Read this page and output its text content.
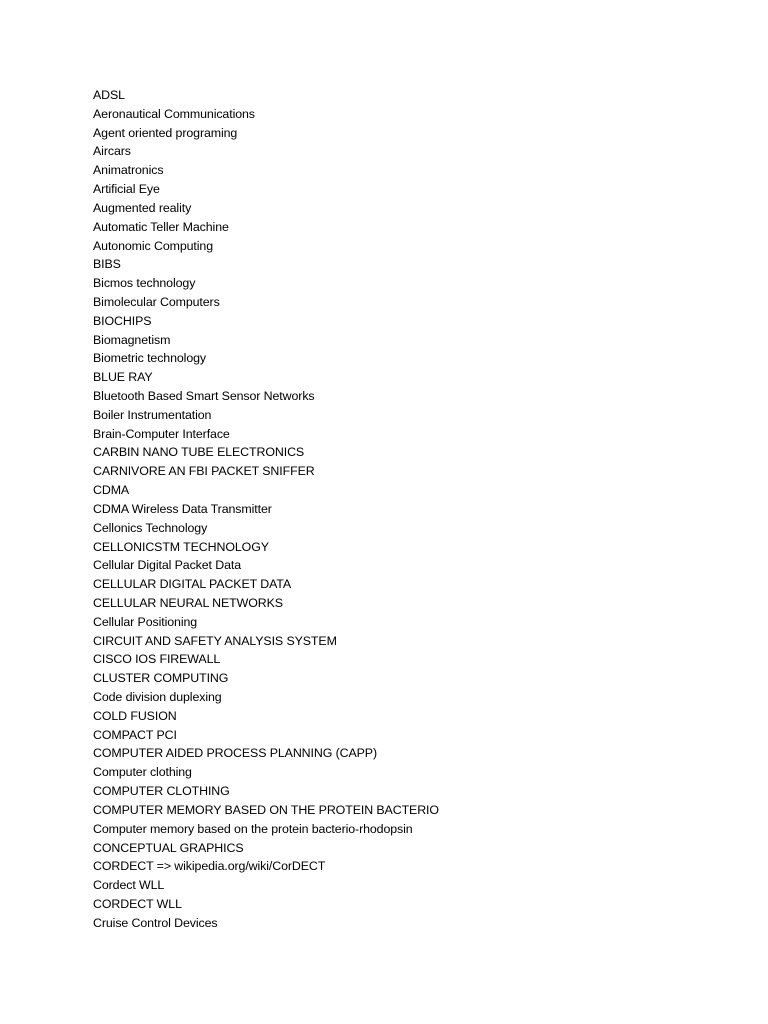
ADSL
Aeronautical Communications
Agent oriented programing
Aircars
Animatronics
Artificial Eye
Augmented reality
Automatic Teller Machine
Autonomic Computing
BIBS
Bicmos technology
Bimolecular Computers
BIOCHIPS
Biomagnetism
Biometric technology
BLUE RAY
Bluetooth Based Smart Sensor Networks
Boiler Instrumentation
Brain-Computer Interface
CARBIN NANO TUBE ELECTRONICS
CARNIVORE AN FBI PACKET SNIFFER
CDMA
CDMA Wireless Data Transmitter
Cellonics Technology
CELLONICSTM TECHNOLOGY
Cellular Digital Packet Data
CELLULAR DIGITAL PACKET DATA
CELLULAR NEURAL NETWORKS
Cellular Positioning
CIRCUIT AND SAFETY ANALYSIS SYSTEM
CISCO IOS FIREWALL
CLUSTER COMPUTING
Code division duplexing
COLD FUSION
COMPACT PCI
COMPUTER AIDED PROCESS PLANNING (CAPP)
Computer clothing
COMPUTER CLOTHING
COMPUTER MEMORY BASED ON THE PROTEIN BACTERIO
Computer memory based on the protein bacterio-rhodopsin
CONCEPTUAL GRAPHICS
CORDECT => wikipedia.org/wiki/CorDECT
Cordect WLL
CORDECT WLL
Cruise Control Devices
